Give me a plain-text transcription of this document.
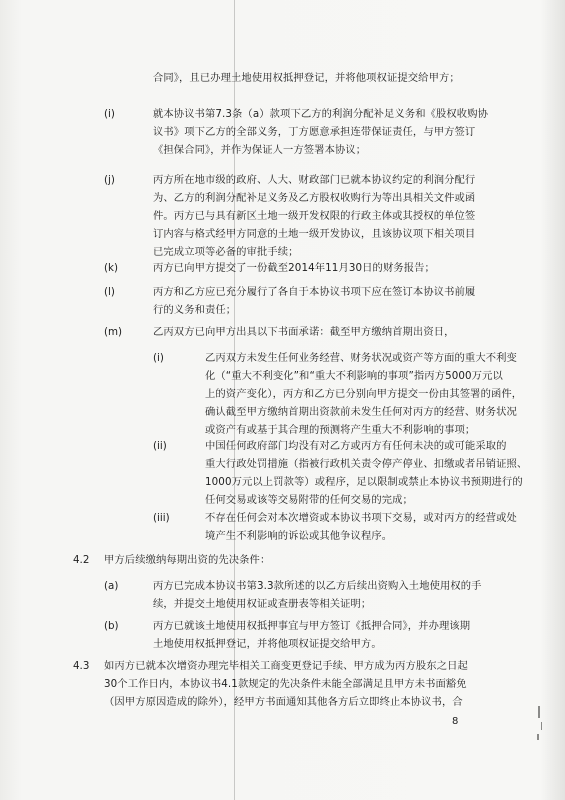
合同》，且已办理土地使用权抵押登记，并将他项权证提交给甲方；
(i)	就本协议书第7.3条（a）款项下乙方的利润分配补足义务和《股权收购协
议书》项下乙方的全部义务，丁方愿意承担连带保证责任，与甲方签订
《担保合同》，并作为保证人一方签署本协议；
(j)	丙方所在地市级的政府、人大、财政部门已就本协议约定的利润分配行
为、乙方的利润分配补足义务及乙方股权收购行为等出具相关文件或函
件。丙方已与具有新区土地一级开发权限的行政主体或其授权的单位签
订内容与格式经甲方同意的土地一级开发协议，且该协议项下相关项目
已完成立项等必备的审批手续；
(k)	丙方已向甲方提交了一份截至2014年11月30日的财务报告；
(l)	丙方和乙方应已充分履行了各自于本协议书项下应在签订本协议书前履
行的义务和责任；
(m)	乙丙双方已向甲方出具以下书面承诺：截至甲方缴纳首期出资日，
(i)	乙丙双方未发生任何业务经营、财务状况或资产等方面的重大不利变
化（“重大不利变化”和“重大不利影响的事项”指丙方5000万元以
上的资产变化），丙方和乙方已分别向甲方提交一份由其签署的函件，
确认截至甲方缴纳首期出资款前未发生任何对丙方的经营、财务状况
或资产有或基于其合理的预测将产生重大不利影响的事项；
(ii)	中国任何政府部门均没有对乙方或丙方有任何未决的或可能采取的
重大行政处罚措施（指被行政机关责令停产停业、扣缴或者吊销证照、
1000万元以上罚款等）或程序，足以限制或禁止本协议书预期进行的
任何交易或该等交易附带的任何交易的完成；
(iii)	不存在任何会对本次增资或本协议书项下交易，或对丙方的经营或处
境产生不利影响的诉讼或其他争议程序。
4.2 甲方后续缴纳每期出资的先决条件：
(a)	丙方已完成本协议书第3.3款所述的以乙方后续出资购入土地使用权的手
续，并提交土地使用权证或查册表等相关证明；
(b)	丙方已就该土地使用权抵押事宜与甲方签订《抵押合同》，并办理该期
土地使用权抵押登记，并将他项权证提交给甲方。
4.3 如丙方已就本次增资办理完毕相关工商变更登记手续、甲方成为丙方股东之日起
30个工作日内，本协议书4.1款规定的先决条件未能全部满足且甲方未书面豁免
（因甲方原因造成的除外），经甲方书面通知其他各方后立即终止本协议书，合
8
